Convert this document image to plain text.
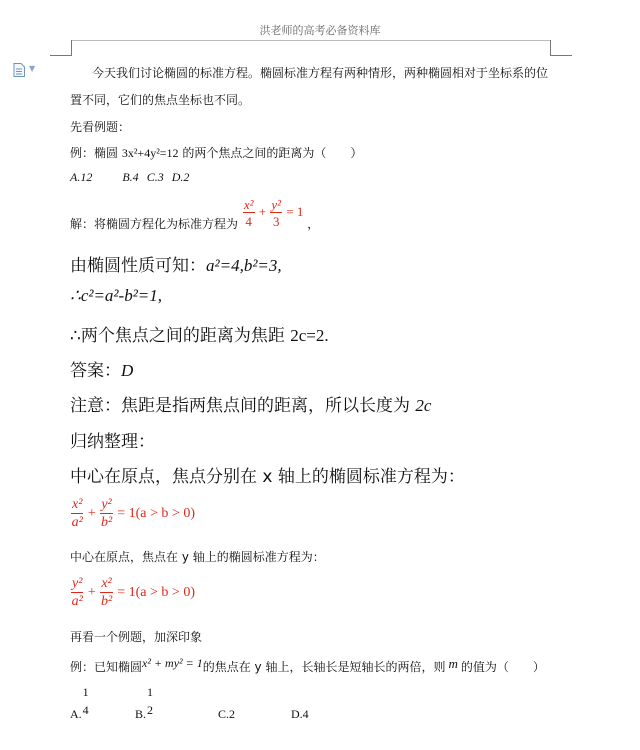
洪老师的高考必备资料库
▼	今天我们讨论椭圆的标准方程。椭圆标准方程有两种情形，两种椭圆相对于坐标系的位
置不同，它们的焦点坐标也不同。
先看例题：
例：椭圆 3x²+4y²=12 的两个焦点之间的距离为（　　）
A.12	B.4 C.3 D.2
解：将椭圆方程化为标准方程为 $\frac{\text{x²}}{4} + \frac{\text{y²}}{3} = 1$ ，
由椭圆性质可知：a²=4,b²=3,
∴c²=a²-b²=1,
∴两个焦点之间的距离为焦距 2c=2.
答案：D
注意：焦距是指两焦点间的距离，所以长度为 2c
归纳整理：
中心在原点，焦点分别在 x 轴上的椭圆标准方程为：
$\frac{\text{x²}}{\text{a²}} + \frac{\text{y²}}{\text{b²}} = 1(a > b > 0)$
中心在原点，焦点在 y 轴上的椭圆标准方程为：
$\frac{\text{y²}}{\text{a²}} + \frac{\text{x²}}{\text{b²}} = 1(a > b > 0)$
再看一个例题，加深印象
例：已知椭圆x² + my² = 1的焦点在 y 轴上，长轴长是短轴长的两倍，则 m 的值为（　　）
A.
1
4	B.
1
2	C.2	D.4
